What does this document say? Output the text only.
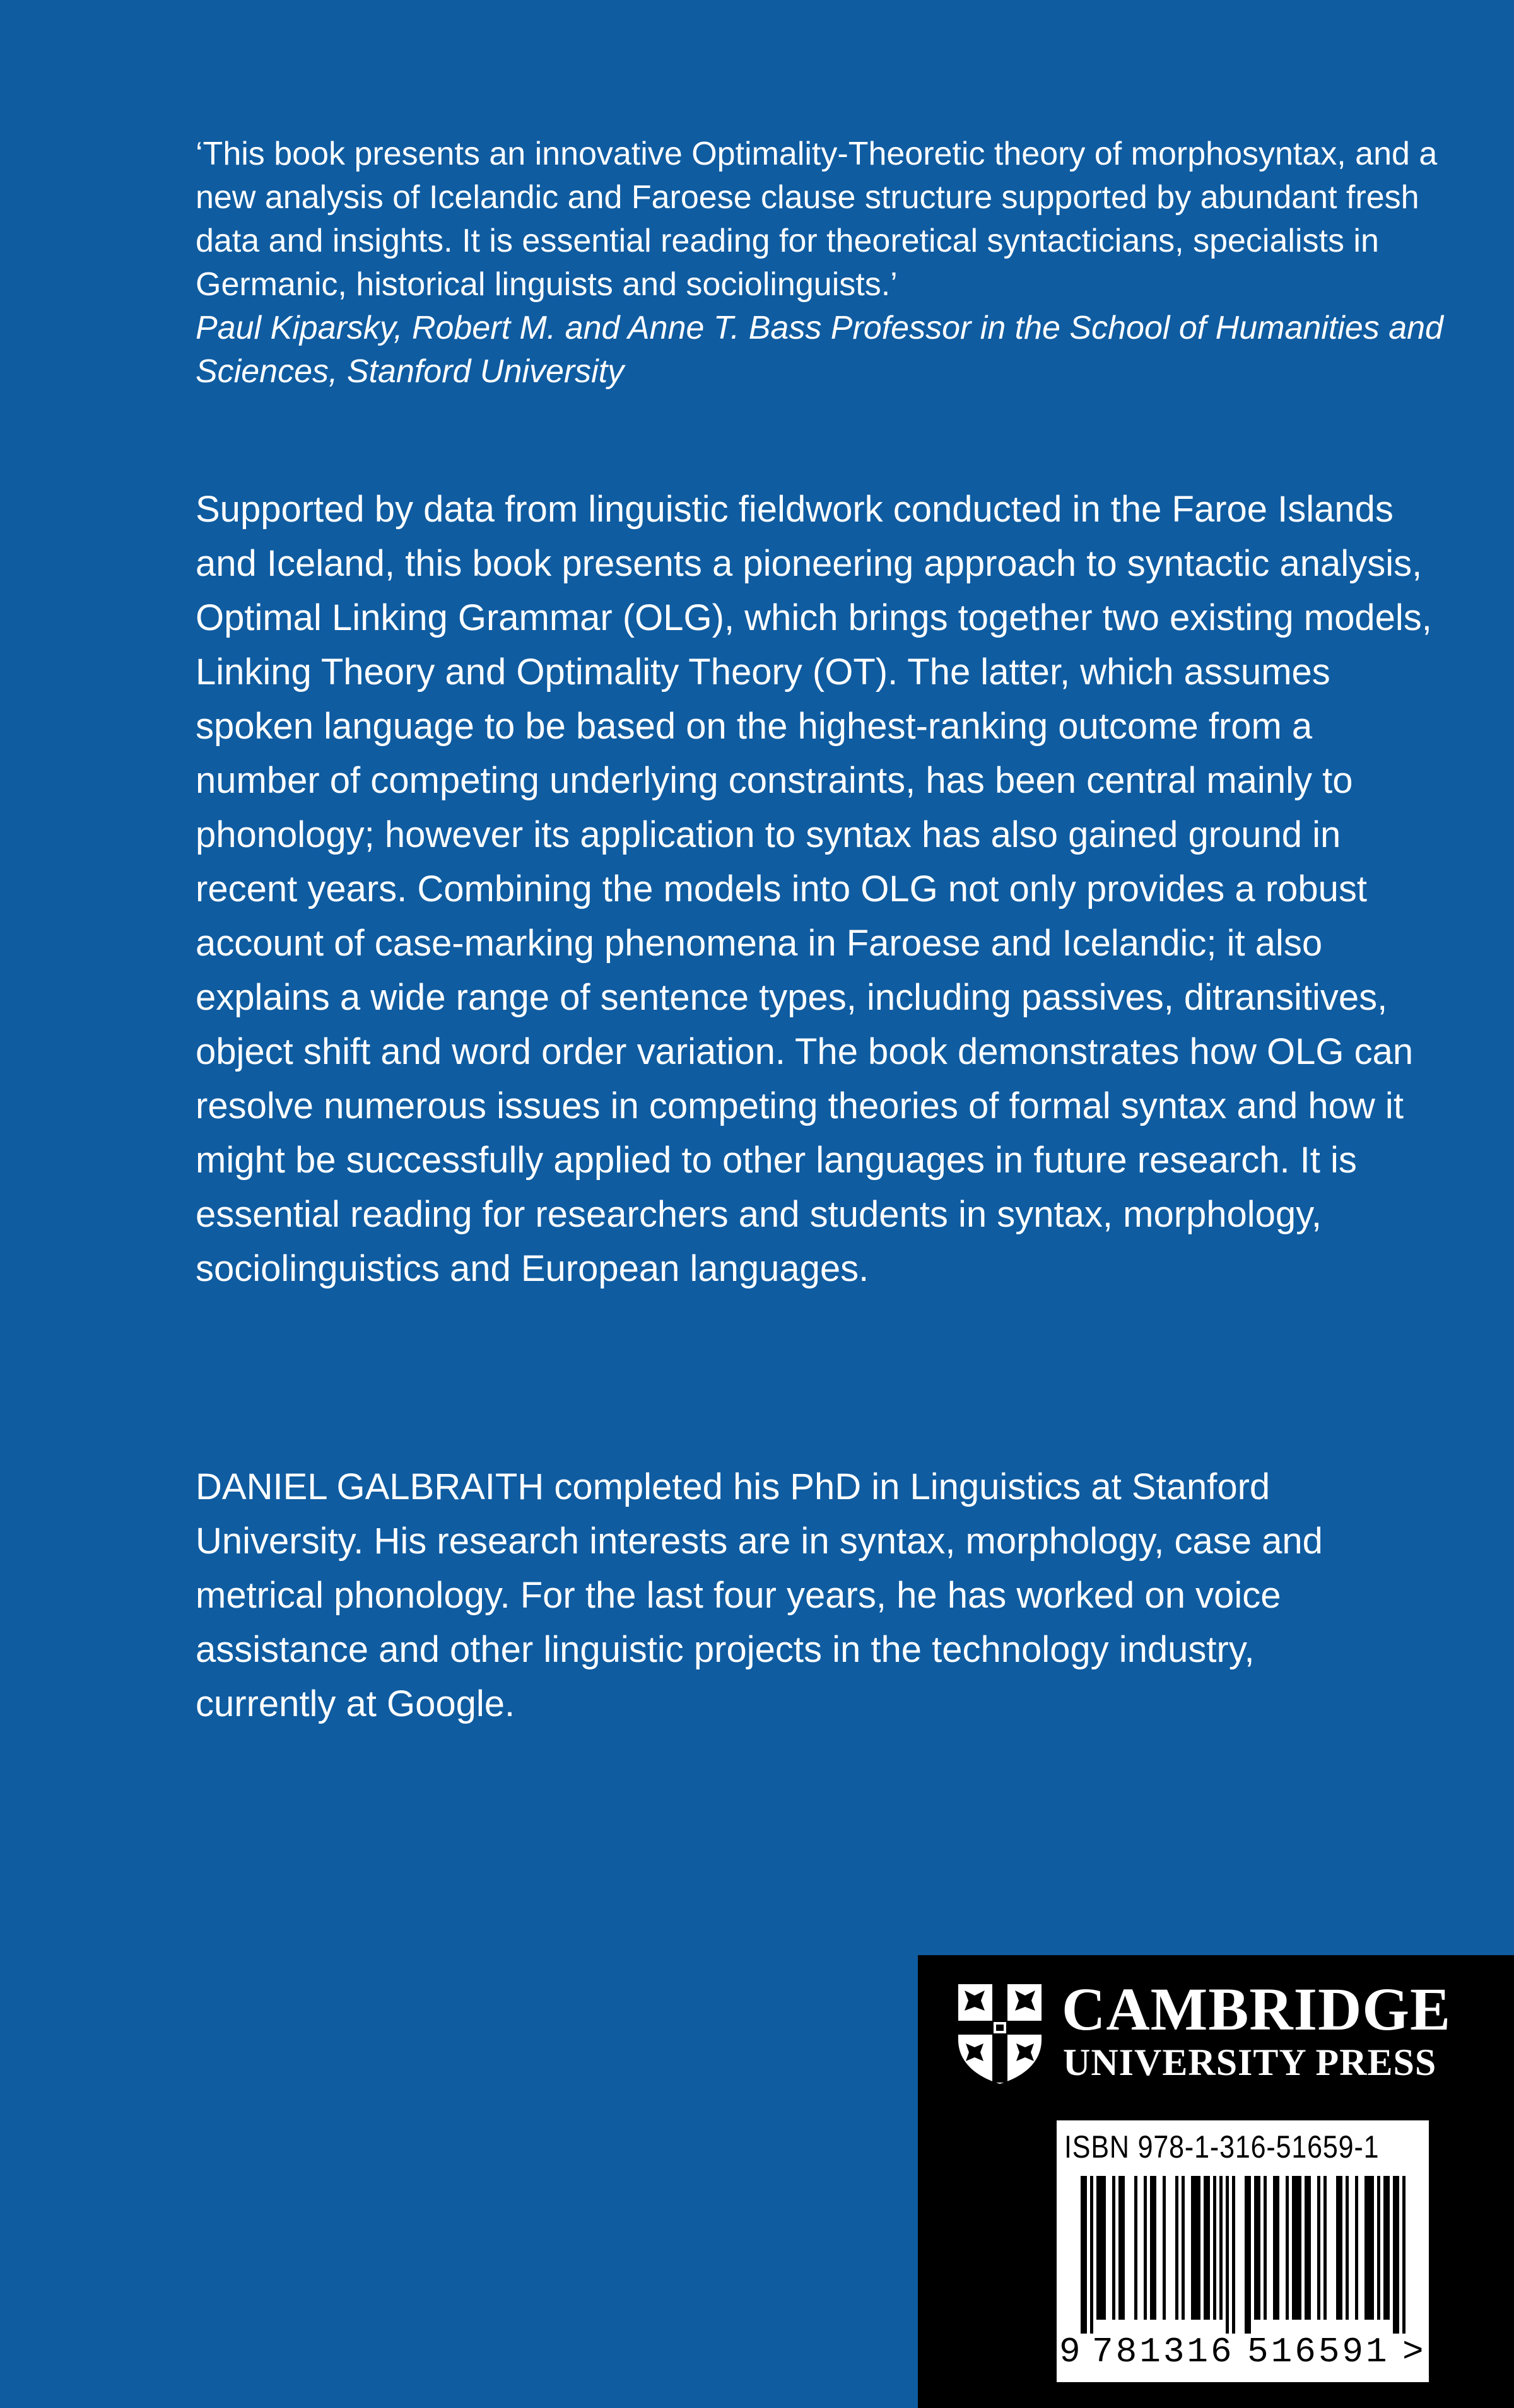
‘This book presents an innovative Optimality-Theoretic theory of morphosyntax, and a new analysis of Icelandic and Faroese clause structure supported by abundant fresh data and insights. It is essential reading for theoretical syntacticians, specialists in Germanic, historical linguists and sociolinguists.’

Paul Kiparsky, Robert M. and Anne T. Bass Professor in the School of Humanities and Sciences, Stanford University

Supported by data from linguistic fieldwork conducted in the Faroe Islands and Iceland, this book presents a pioneering approach to syntactic analysis, Optimal Linking Grammar (OLG), which brings together two existing models, Linking Theory and Optimality Theory (OT). The latter, which assumes spoken language to be based on the highest-ranking outcome from a number of competing underlying constraints, has been central mainly to phonology; however its application to syntax has also gained ground in recent years. Combining the models into OLG not only provides a robust account of case-marking phenomena in Faroese and Icelandic; it also explains a wide range of sentence types, including passives, ditransitives, object shift and word order variation. The book demonstrates how OLG can resolve numerous issues in competing theories of formal syntax and how it might be successfully applied to other languages in future research. It is essential reading for researchers and students in syntax, morphology, sociolinguistics and European languages.

DANIEL GALBRAITH completed his PhD in Linguistics at Stanford University. His research interests are in syntax, morphology, case and metrical phonology. For the last four years, he has worked on voice assistance and other linguistic projects in the technology industry, currently at Google.

CAMBRIDGE
UNIVERSITY PRESS
ISBN 978-1-316-51659-1
9 781316 516591 >
